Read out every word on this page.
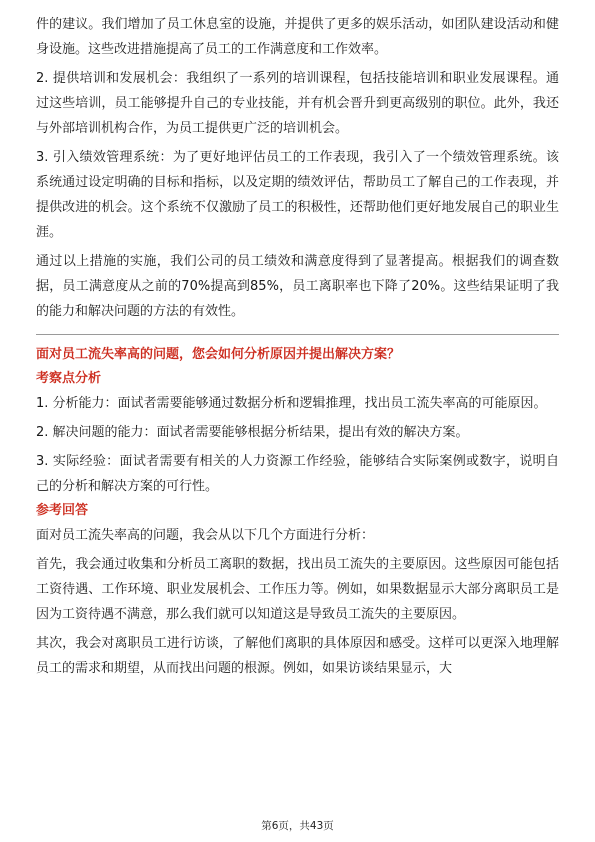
件的建议。我们增加了员工休息室的设施，并提供了更多的娱乐活动，如团队建设活动和健身设施。这些改进措施提高了员工的工作满意度和工作效率。

2. 提供培训和发展机会：我组织了一系列的培训课程，包括技能培训和职业发展课程。通过这些培训，员工能够提升自己的专业技能，并有机会晋升到更高级别的职位。此外，我还与外部培训机构合作，为员工提供更广泛的培训机会。

3. 引入绩效管理系统：为了更好地评估员工的工作表现，我引入了一个绩效管理系统。该系统通过设定明确的目标和指标，以及定期的绩效评估，帮助员工了解自己的工作表现，并提供改进的机会。这个系统不仅激励了员工的积极性，还帮助他们更好地发展自己的职业生涯。

通过以上措施的实施，我们公司的员工绩效和满意度得到了显著提高。根据我们的调查数据，员工满意度从之前的70%提高到85%，员工离职率也下降了20%。这些结果证明了我的能力和解决问题的方法的有效性。

面对员工流失率高的问题，您会如何分析原因并提出解决方案？
考察点分析

1. 分析能力：面试者需要能够通过数据分析和逻辑推理，找出员工流失率高的可能原因。

2. 解决问题的能力：面试者需要能够根据分析结果，提出有效的解决方案。

3. 实际经验：面试者需要有相关的人力资源工作经验，能够结合实际案例或数字，说明自己的分析和解决方案的可行性。

参考回答

面对员工流失率高的问题，我会从以下几个方面进行分析：

首先，我会通过收集和分析员工离职的数据，找出员工流失的主要原因。这些原因可能包括工资待遇、工作环境、职业发展机会、工作压力等。例如，如果数据显示大部分离职员工是因为工资待遇不满意，那么我们就可以知道这是导致员工流失的主要原因。

其次，我会对离职员工进行访谈，了解他们离职的具体原因和感受。这样可以更深入地理解员工的需求和期望，从而找出问题的根源。例如，如果访谈结果显示，大

第6页，共43页
